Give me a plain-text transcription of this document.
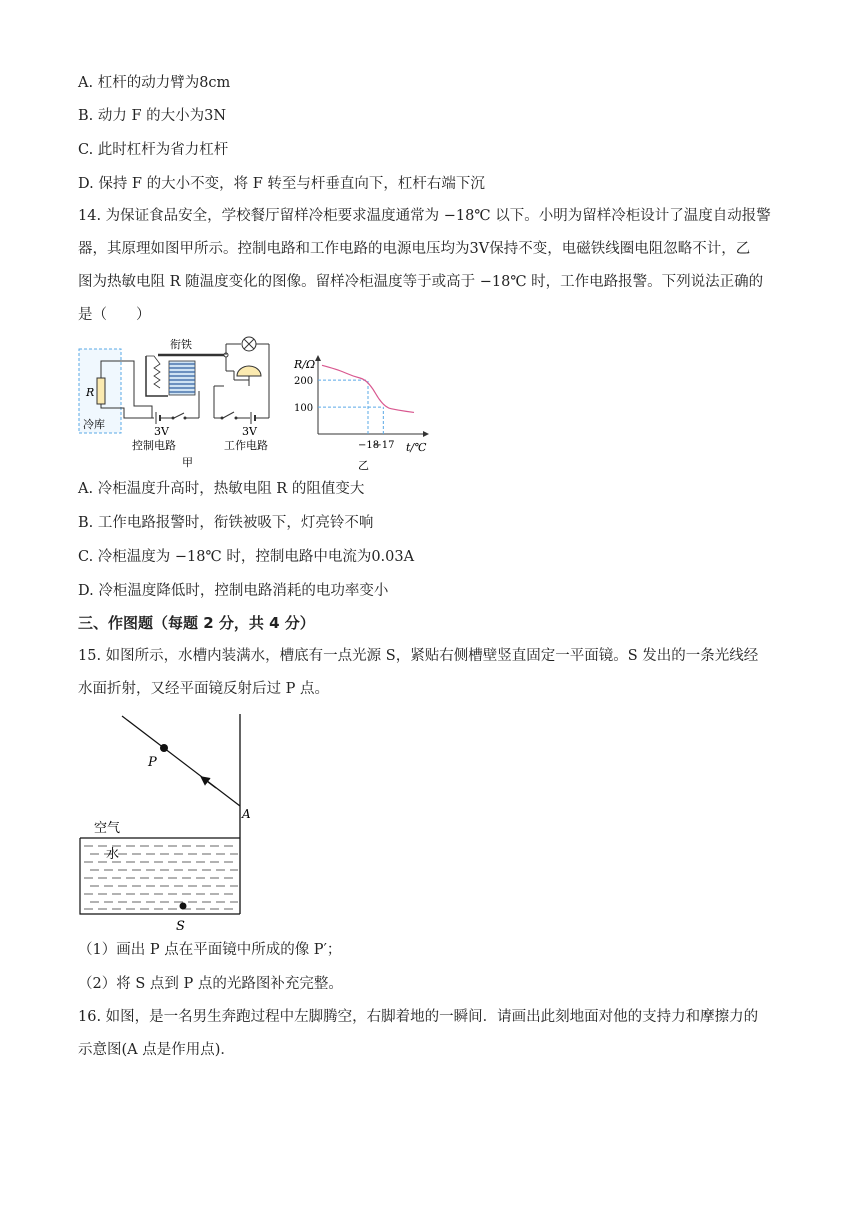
A. 杠杆的动力臂为8cm
B. 动力 F 的大小为3N
C. 此时杠杆为省力杠杆
D. 保持 F 的大小不变，将 F 转至与杆垂直向下，杠杆右端下沉
14. 为保证食品安全，学校餐厅留样冷柜要求温度通常为 −18℃ 以下。小明为留样冷柜设计了温度自动报警
器，其原理如图甲所示。控制电路和工作电路的电源电压均为3V保持不变，电磁铁线圈电阻忽略不计，乙
图为热敏电阻 R 随温度变化的图像。留样冷柜温度等于或高于 −18℃ 时，工作电路报警。下列说法正确的
是（　　）
R
冷库
衔铁
3V
控制电路
3V
工作电路
甲
R/Ω
t/℃
100
200
−18
−17
乙
A. 冷柜温度升高时，热敏电阻 R 的阻值变大
B. 工作电路报警时，衔铁被吸下，灯亮铃不响
C. 冷柜温度为 −18℃ 时，控制电路中电流为0.03A
D. 冷柜温度降低时，控制电路消耗的电功率变小
三、作图题（每题 2 分，共 4 分）
15. 如图所示，水槽内装满水，槽底有一点光源 S，紧贴右侧槽壁竖直固定一平面镜。S 发出的一条光线经
水面折射，又经平面镜反射后过 P 点。
P
A
空气
水
S
（1）画出 P 点在平面镜中所成的像 P′；
（2）将 S 点到 P 点的光路图补充完整。
16. 如图，是一名男生奔跑过程中左脚腾空，右脚着地的一瞬间．请画出此刻地面对他的支持力和摩擦力的
示意图(A 点是作用点)．
